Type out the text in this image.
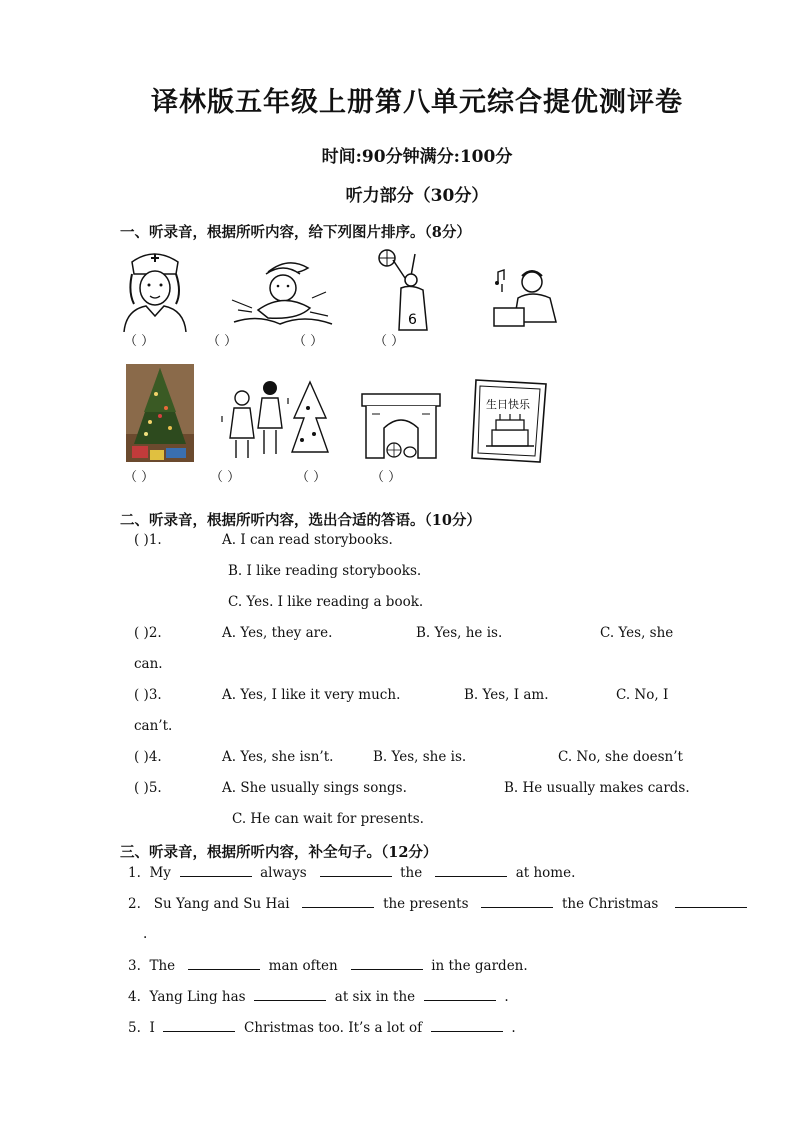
译林版五年级上册第八单元综合提优测评卷
时间:90分钟满分:100分
听力部分（30分）
一、听录音，根据所听内容，给下列图片排序。（8分）
6
（ ）	（ ）	（ ）	（ ）
生日快乐
（ ）	（ ）	（ ）	（ ）
二、听录音，根据所听内容，选出合适的答语。（10分）
( )1.	A. I can read storybooks.
B. I like reading storybooks.
C. Yes. I like reading a book.
( )2.	A. Yes, they are.	B. Yes, he is.	C. Yes, she
can.
( )3.	A. Yes, I like it very much.	B. Yes, I am.	C. No, I
can’t.
( )4.	A. Yes, she isn’t.	B. Yes, she is.	C. No, she doesn’t
( )5.	A. She usually sings songs.	B. He usually makes cards.
C. He can wait for presents.
三、听录音，根据所听内容，补全句子。（12分）
1. My	always	the	at home.
2. Su Yang and Su Hai	the presents	the Christmas
.
3. The	man often	in the garden.
4. Yang Ling has	at six in the	.
5. I	Christmas too. It’s a lot of	.
